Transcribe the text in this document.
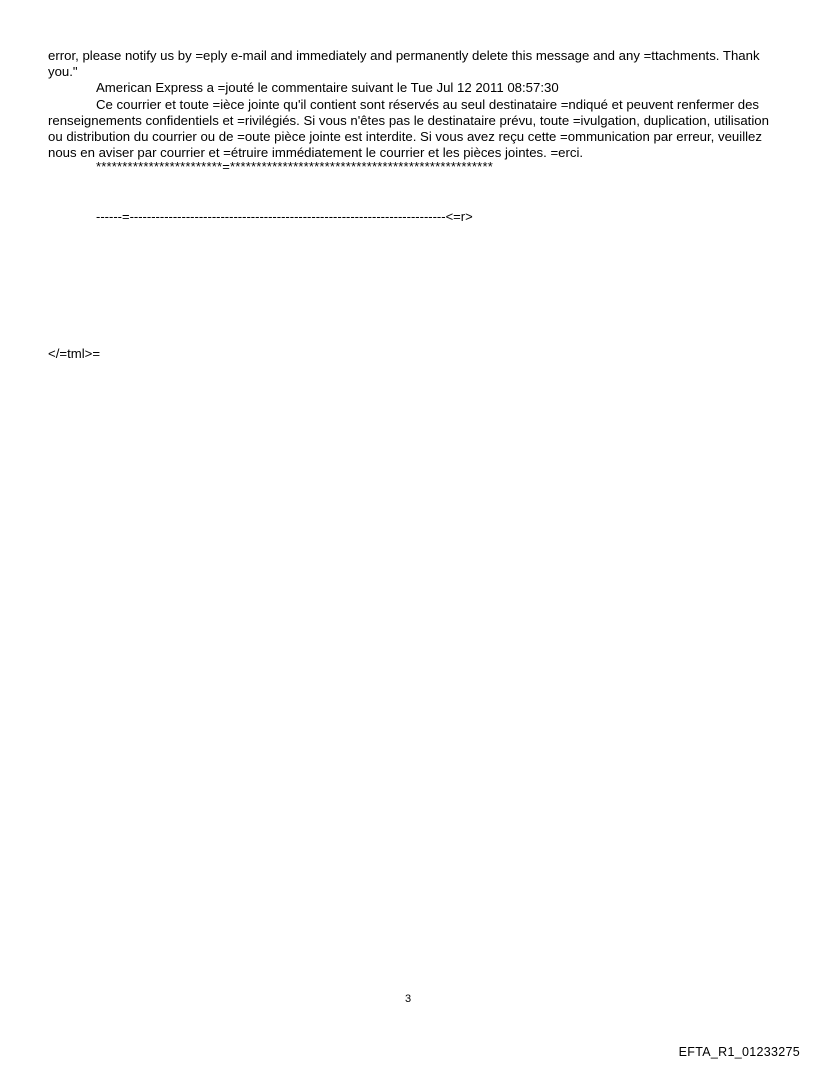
error, please notify us by =eply e-mail and immediately and permanently delete this message and any =ttachments. Thank you."

American Express a =jouté le commentaire suivant le Tue Jul 12 2011 08:57:30

Ce courrier et toute =ièce jointe qu'il contient sont réservés au seul destinataire =ndiqué et peuvent renfermer des renseignements confidentiels et =rivilégiés. Si vous n'êtes pas le destinataire prévu, toute =ivulgation, duplication, utilisation ou distribution du courrier ou de =oute pièce jointe est interdite. Si vous avez reçu cette =ommunication par erreur, veuillez nous en aviser par courrier et =étruire immédiatement le courrier et les pièces jointes. =erci.

************************=**************************************************
------=-------------------------------------------------------------------------<=r>
</=tml>=
3
EFTA_R1_01233275
